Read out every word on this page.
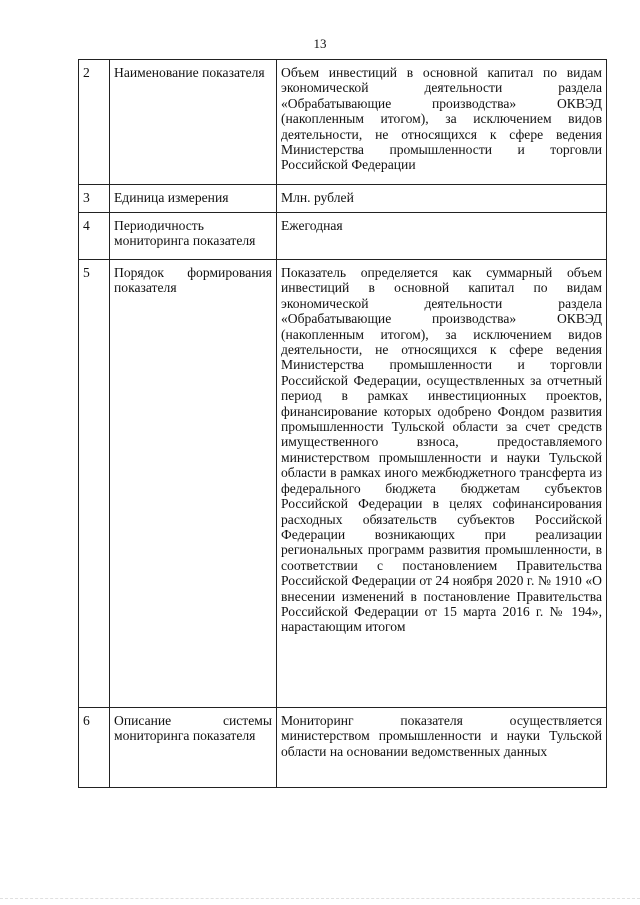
13
2	Наименование показателя	Объем инвестиций в основной капитал по видам экономической деятельности раздела «Обрабатывающие производства» ОКВЭД (накопленным итогом), за исключением видов деятельности, не относящихся к сфере ведения Министерства промышленности и торговли Российской Федерации
3	Единица измерения	Млн. рублей
4	Периодичность мониторинга показателя	Ежегодная
5	Порядок формирования показателя	Показатель определяется как суммарный объем инвестиций в основной капитал по видам экономической деятельности раздела «Обрабатывающие производства» ОКВЭД (накопленным итогом), за исключением видов деятельности, не относящихся к сфере ведения Министерства промышленности и торговли Российской Федерации, осуществленных за отчетный период в рамках инвестиционных проектов, финансирование которых одобрено Фондом развития промышленности Тульской области за счет средств имущественного взноса, предоставляемого министерством промышленности и науки Тульской области в рамках иного межбюджетного трансферта из федерального бюджета бюджетам субъектов Российской Федерации в целях софинансирования расходных обязательств субъектов Российской Федерации возникающих при реализации региональных программ развития промышленности, в соответствии с постановлением Правительства Российской Федерации от 24 ноября 2020 г. № 1910 «О внесении изменений в постановление Правительства Российской Федерации от 15 марта 2016 г. № 194», нарастающим итогом
6	Описание системы мониторинга показателя	Мониторинг показателя осуществляется министерством промышленности и науки Тульской области на основании ведомственных данных
